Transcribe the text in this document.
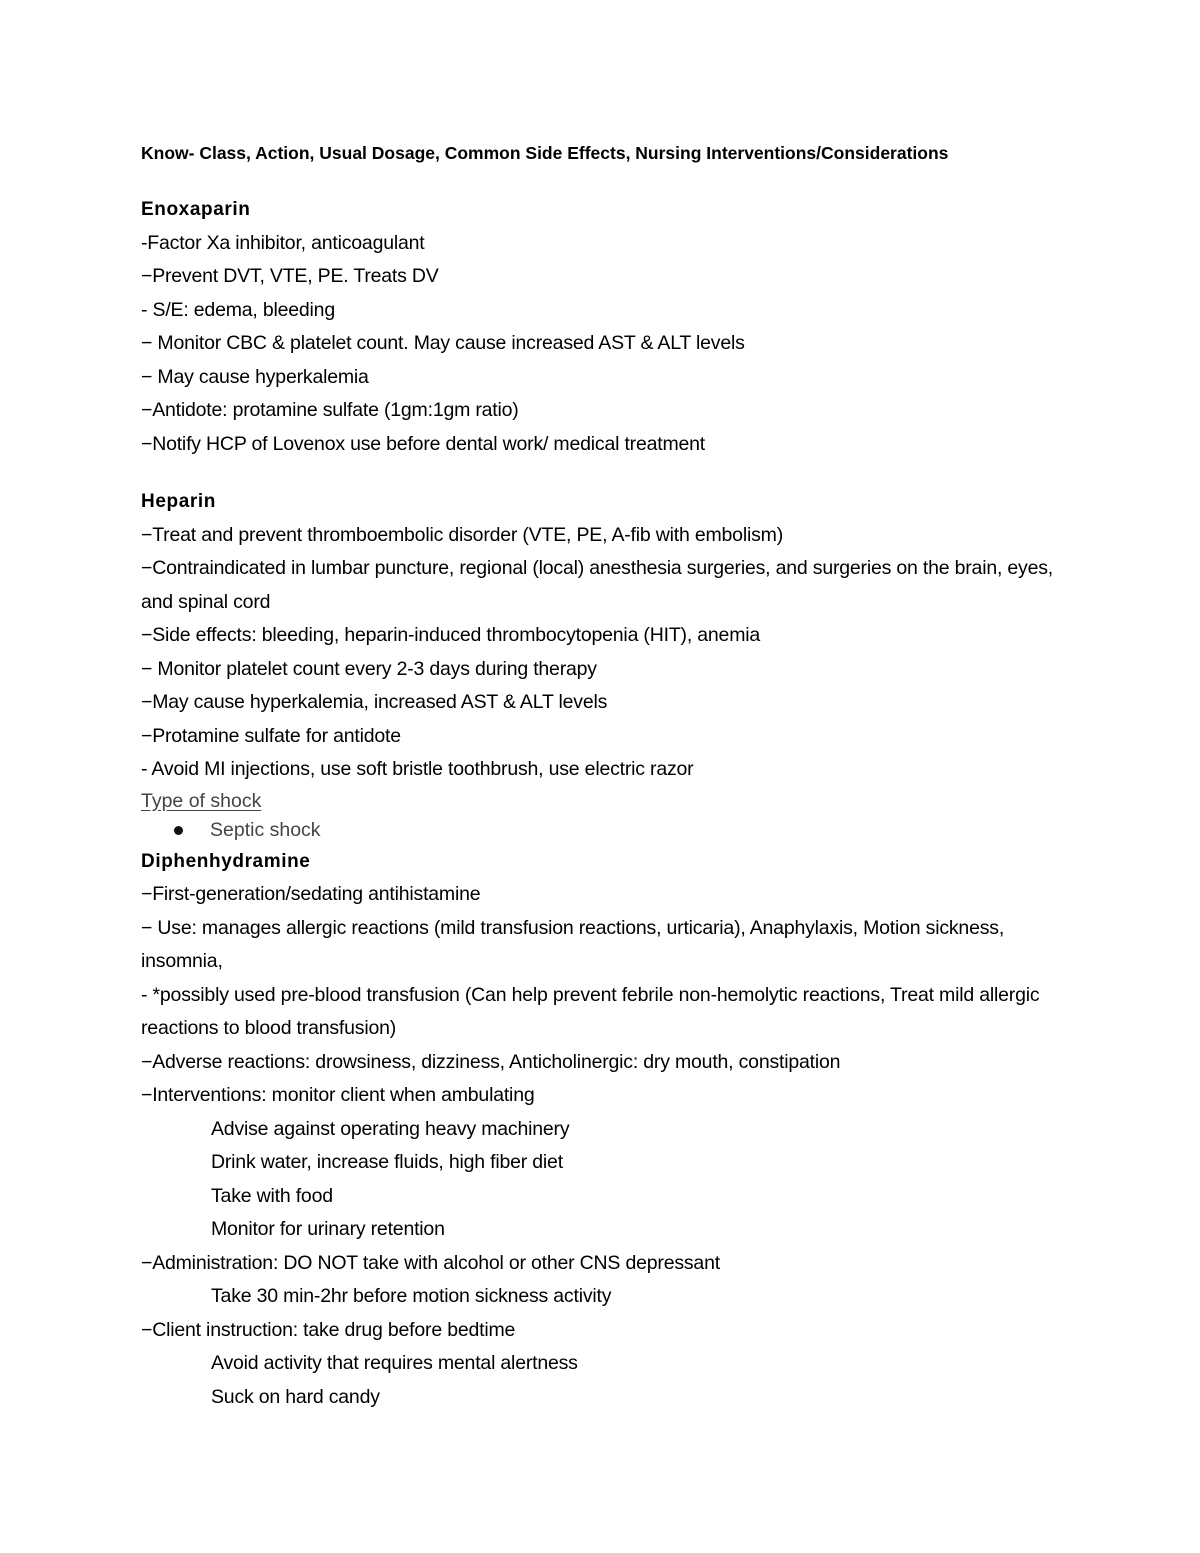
Know- Class, Action, Usual Dosage, Common Side Effects, Nursing Interventions/Considerations
Enoxaparin
-Factor Xa inhibitor, anticoagulant
−Prevent DVT, VTE, PE. Treats DV
- S/E: edema, bleeding
− Monitor CBC & platelet count. May cause increased AST & ALT levels
− May cause hyperkalemia
−Antidote: protamine sulfate (1gm:1gm ratio)
−Notify HCP of Lovenox use before dental work/ medical treatment
Heparin
−Treat and prevent thromboembolic disorder (VTE, PE, A-fib with embolism)
−Contraindicated in lumbar puncture, regional (local) anesthesia surgeries, and surgeries on the brain, eyes, and spinal cord
−Side effects: bleeding, heparin-induced thrombocytopenia (HIT), anemia
− Monitor platelet count every 2-3 days during therapy
−May cause hyperkalemia, increased AST & ALT levels
−Protamine sulfate for antidote
- Avoid MI injections, use soft bristle toothbrush, use electric razor
Type of shock
Septic shock
Diphenhydramine
−First-generation/sedating antihistamine
− Use: manages allergic reactions (mild transfusion reactions, urticaria), Anaphylaxis, Motion sickness, insomnia,
- *possibly used pre-blood transfusion (Can help prevent febrile non-hemolytic reactions, Treat mild allergic reactions to blood transfusion)
−Adverse reactions: drowsiness, dizziness, Anticholinergic: dry mouth, constipation
−Interventions: monitor client when ambulating
Advise against operating heavy machinery
Drink water, increase fluids, high fiber diet
Take with food
Monitor for urinary retention
−Administration: DO NOT take with alcohol or other CNS depressant
Take 30 min-2hr before motion sickness activity
−Client instruction: take drug before bedtime
Avoid activity that requires mental alertness
Suck on hard candy
